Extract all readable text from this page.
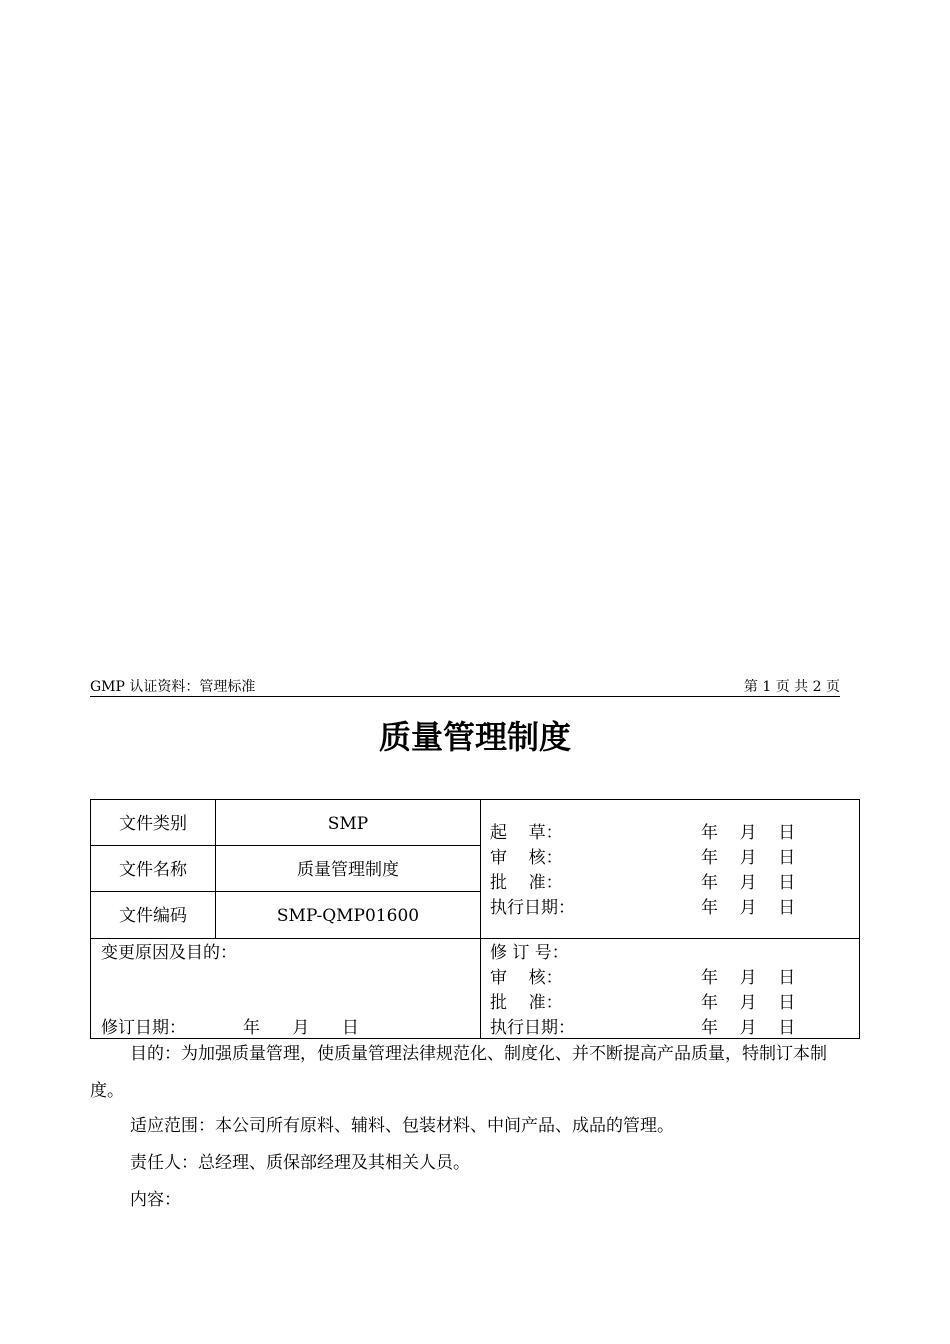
GMP 认证资料：管理标准	第 1 页 共 2 页
质量管理制度
文件类别	SMP
文件名称	质量管理制度
文件编码	SMP-QMP01600
起    草：	年    月    日
审    核：	年    月    日
批    准：	年    月    日
执行日期：	年    月    日
变更原因及目的：
修订日期：	年      月      日
修 订 号：
审    核：	年    月    日
批    准：	年    月    日
执行日期：	年    月    日
目的：为加强质量管理，使质量管理法律规范化、制度化、并不断提高产品质量，特制订本制度。
适应范围：本公司所有原料、辅料、包装材料、中间产品、成品的管理。
责任人：总经理、质保部经理及其相关人员。
内容：
